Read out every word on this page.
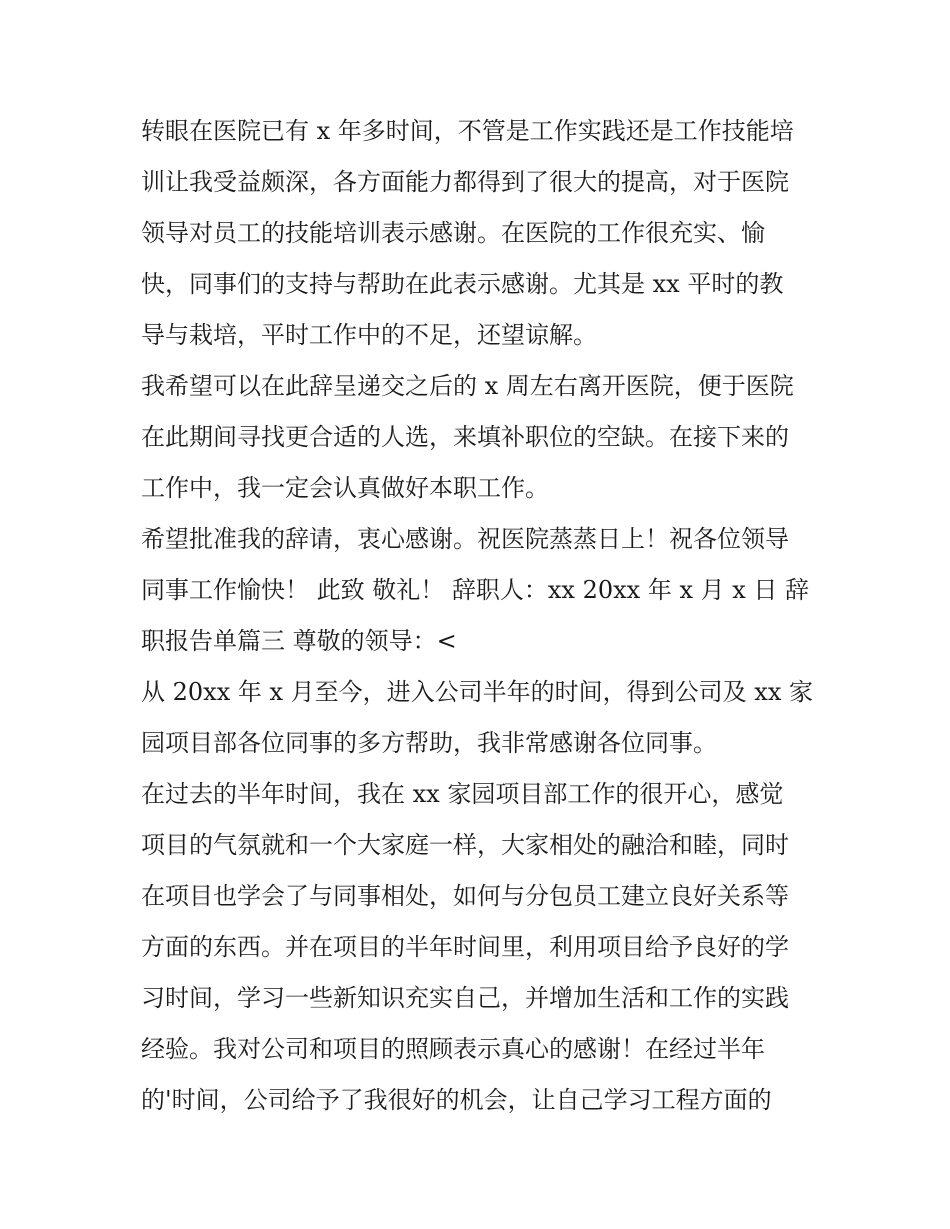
转眼在医院已有 x 年多时间，不管是工作实践还是工作技能培
训让我受益颇深，各方面能力都得到了很大的提高，对于医院
领导对员工的技能培训表示感谢。在医院的工作很充实、愉
快，同事们的支持与帮助在此表示感谢。尤其是 xx 平时的教
导与栽培，平时工作中的不足，还望谅解。
我希望可以在此辞呈递交之后的 x 周左右离开医院，便于医院
在此期间寻找更合适的人选，来填补职位的空缺。在接下来的
工作中，我一定会认真做好本职工作。
希望批准我的辞请，衷心感谢。祝医院蒸蒸日上！祝各位领导
同事工作愉快！ 此致 敬礼！ 辞职人：xx 20xx 年 x 月 x 日 辞
职报告单篇三 尊敬的领导：<
从 20xx 年 x 月至今，进入公司半年的时间，得到公司及 xx 家
园项目部各位同事的多方帮助，我非常感谢各位同事。
在过去的半年时间，我在 xx 家园项目部工作的很开心，感觉
项目的气氛就和一个大家庭一样，大家相处的融洽和睦，同时
在项目也学会了与同事相处，如何与分包员工建立良好关系等
方面的东西。并在项目的半年时间里，利用项目给予良好的学
习时间，学习一些新知识充实自己，并增加生活和工作的实践
经验。我对公司和项目的照顾表示真心的感谢！在经过半年
的'时间，公司给予了我很好的机会，让自己学习工程方面的
